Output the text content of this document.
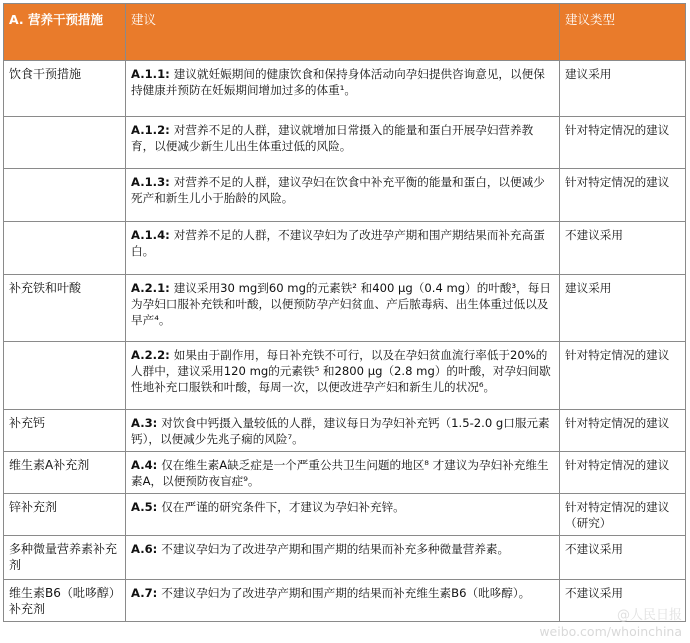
A. 营养干预措施	建议	建议类型
饮食干预措施	A.1.1: 建议就妊娠期间的健康饮食和保持身体活动向孕妇提供咨询意见，以便保持健康并预防在妊娠期间增加过多的体重¹。	建议采用
	A.1.2: 对营养不足的人群，建议就增加日常摄入的能量和蛋白开展孕妇营养教育，以便减少新生儿出生体重过低的风险。	针对特定情况的建议
	A.1.3: 对营养不足的人群，建议孕妇在饮食中补充平衡的能量和蛋白，以便减少死产和新生儿小于胎龄的风险。	针对特定情况的建议
	A.1.4: 对营养不足的人群，不建议孕妇为了改进孕产期和围产期结果而补充高蛋白。	不建议采用
补充铁和叶酸	A.2.1: 建议采用30 mg到60 mg的元素铁² 和400 µg（0.4 mg）的叶酸³，每日为孕妇口服补充铁和叶酸，以便预防孕产妇贫血、产后脓毒病、出生体重过低以及早产⁴。	建议采用
	A.2.2: 如果由于副作用，每日补充铁不可行，以及在孕妇贫血流行率低于20%的人群中，建议采用120 mg的元素铁⁵ 和2800 µg（2.8 mg）的叶酸，对孕妇间歇性地补充口服铁和叶酸，每周一次，以便改进孕产妇和新生儿的状况⁶。	针对特定情况的建议
补充钙	A.3: 对饮食中钙摄入量较低的人群，建议每日为孕妇补充钙（1.5-2.0 g口服元素钙），以便减少先兆子痫的风险⁷。	针对特定情况的建议
维生素A补充剂	A.4: 仅在维生素A缺乏症是一个严重公共卫生问题的地区⁸ 才建议为孕妇补充维生素A，以便预防夜盲症⁹。	针对特定情况的建议
锌补充剂	A.5: 仅在严谨的研究条件下，才建议为孕妇补充锌。	针对特定情况的建议（研究）
多种微量营养素补充剂	A.6: 不建议孕妇为了改进孕产期和围产期的结果而补充多种微量营养素。	不建议采用
维生素B6（吡哆醇）补充剂	A.7: 不建议孕妇为了改进孕产期和围产期的结果而补充维生素B6（吡哆醇）。	不建议采用
@人民日报
weibo.com/whoinchina
